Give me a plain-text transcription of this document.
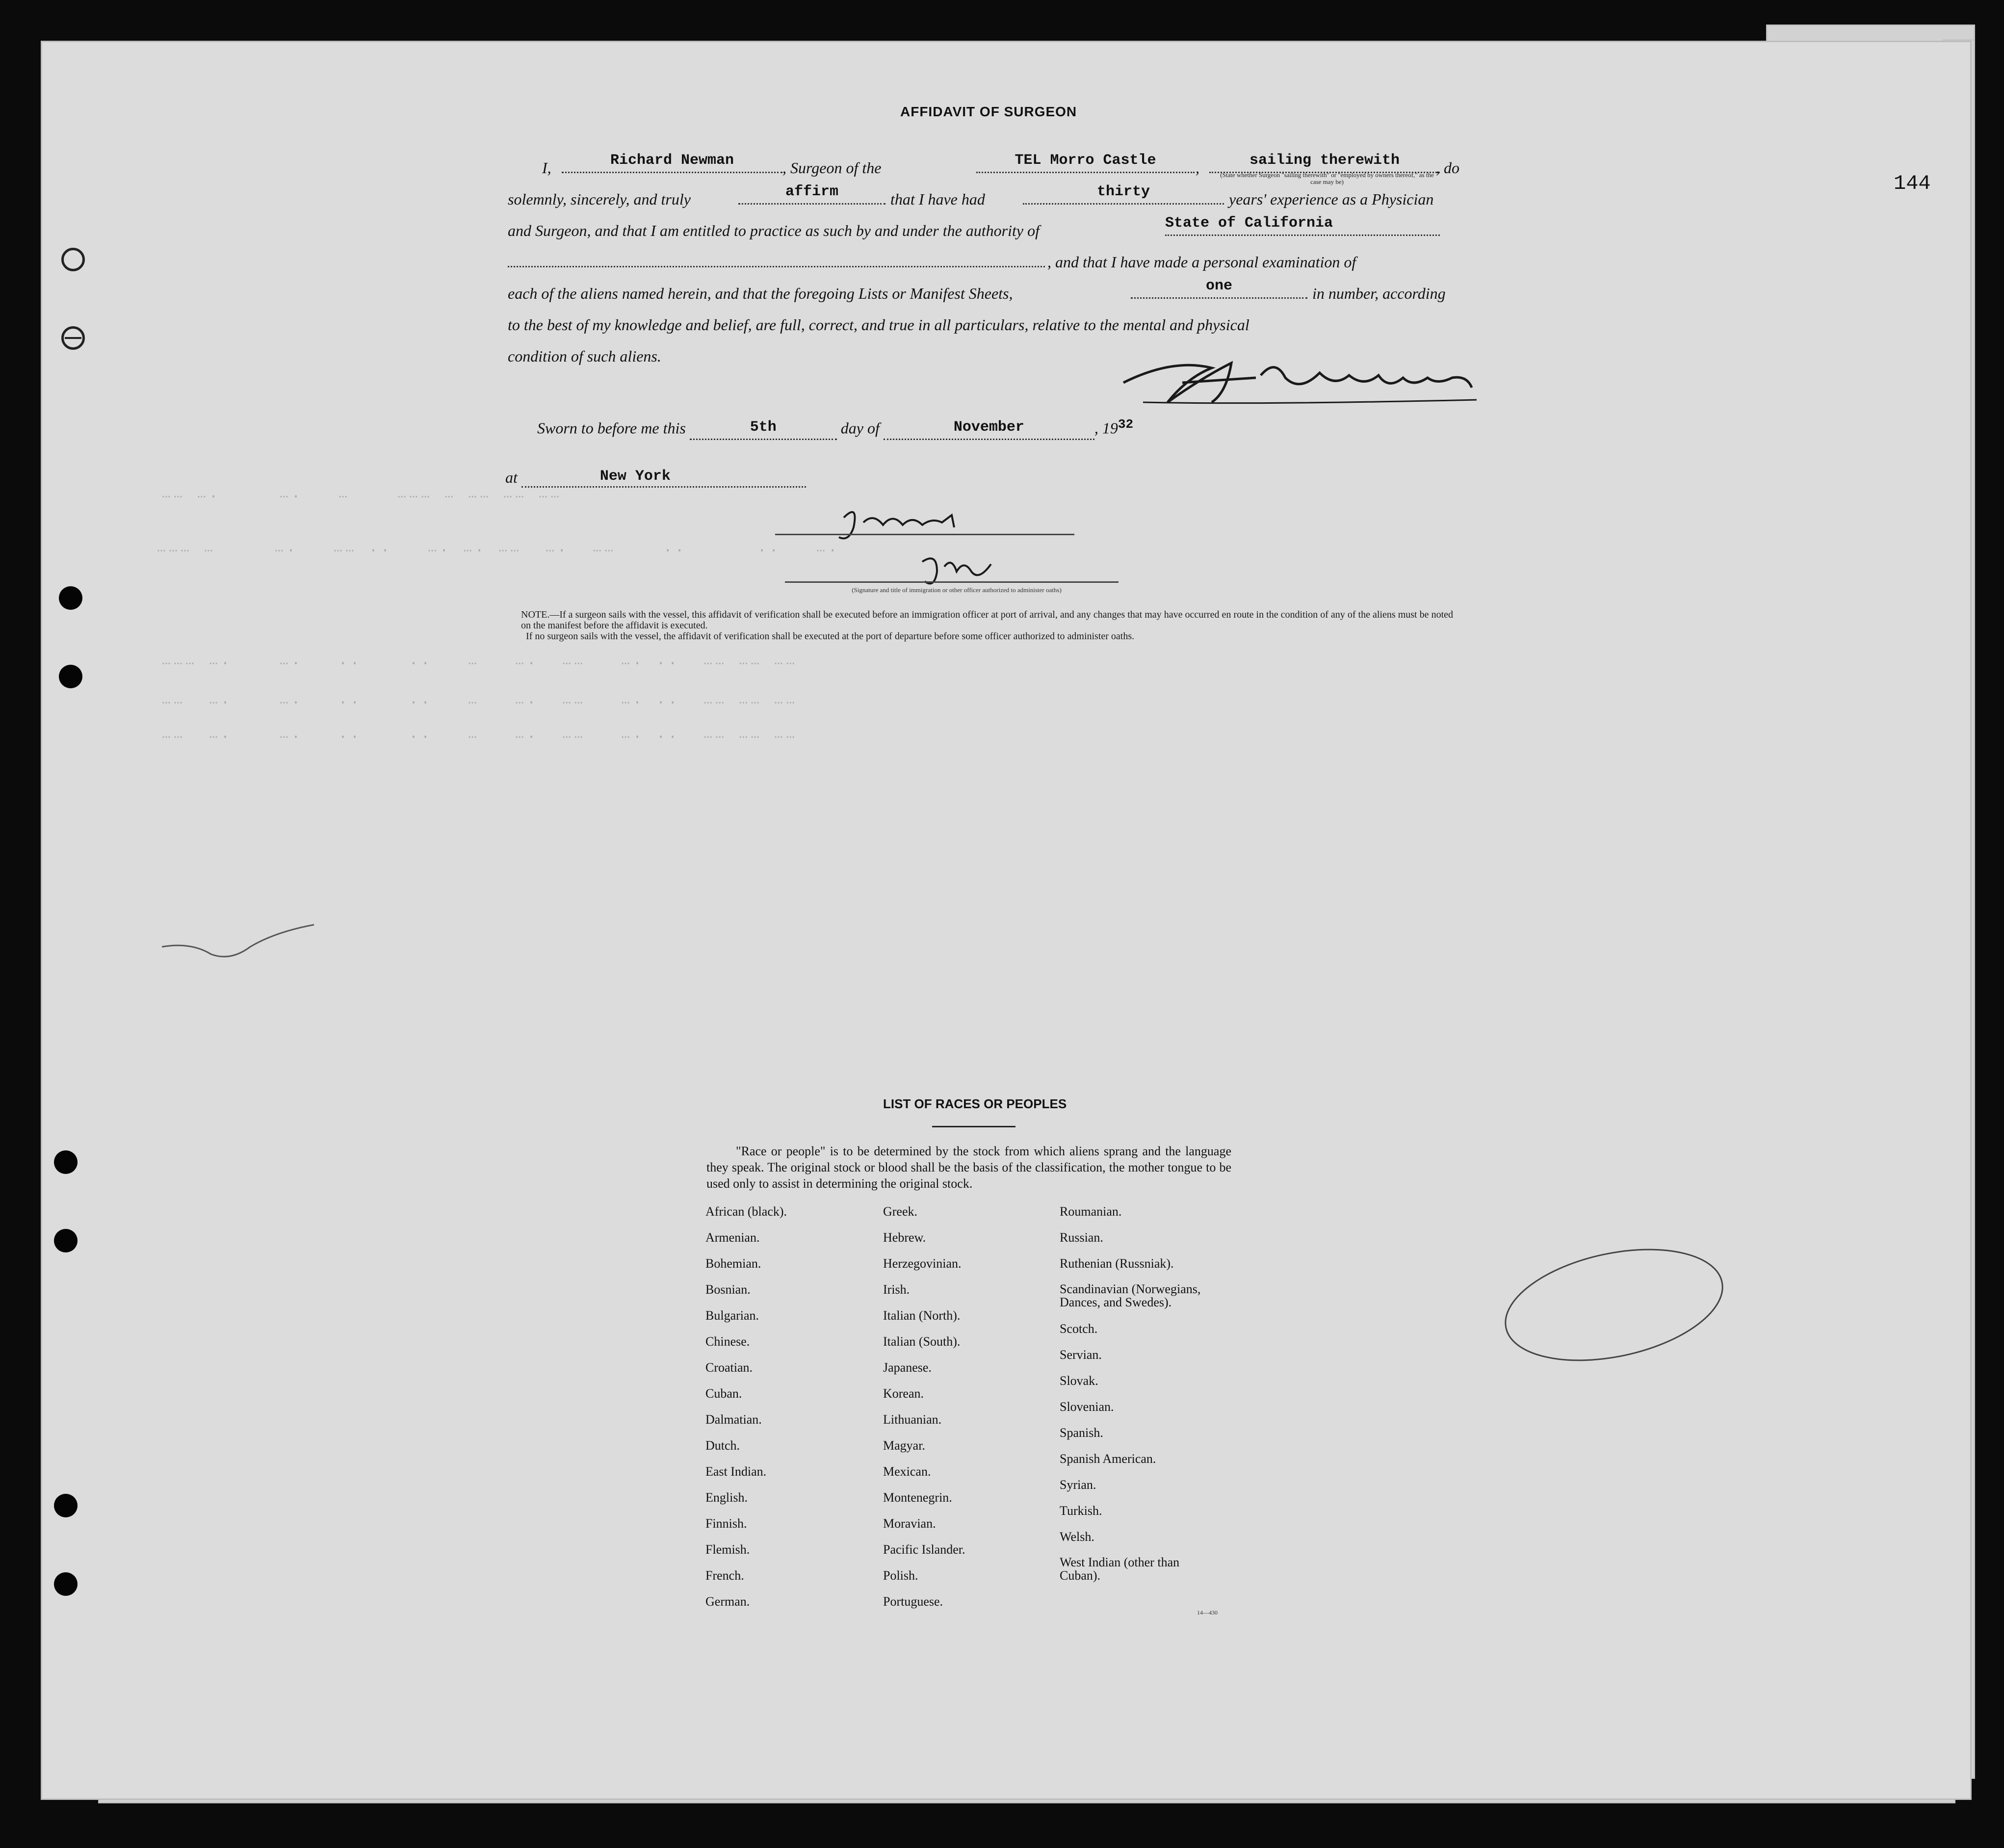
144
AFFIDAVIT OF SURGEON
I,	Richard Newman	, Surgeon of the	TEL Morro Castle	,	sailing therewith	, do
(State whether Surgeon "sailing therewith" or "employed by owners thereof," as the case may be)
solemnly, sincerely, and truly	affirm	that I have had	thirty	years' experience as a Physician
and Surgeon, and that I am entitled to practice as such by and under the authority of	State of California
, and that I have made a personal examination of
each of the aliens named herein, and that the foregoing Lists or Manifest Sheets,	one	in number, according
to the best of my knowledge and belief, are full, correct, and true in all particulars, relative to the mental and physical
condition of such aliens.
Sworn to before me this	5th	day of	November	, $19^{32}$
at	New York
…… ….     ….   …    ……… … …… …… ……
……… …     ….   …… ..   …. …. ……  ….  ……    ..      ..   ….
……… ….    ….   ..    ..   …   ….  ……   …. ..  …… …… ……
……  ….    ….   ..    ..   …   ….  ……   …. ..  …… …… ……
……  ….    ….   ..    ..   …   ….  ……   …. ..  …… …… ……
(Signature and title of immigration or other officer authorized to administer oaths)
NOTE.—If a surgeon sails with the vessel, this affidavit of verification shall be executed before an immigration officer at port of arrival, and any changes that may have occurred en route in the condition of any of the aliens must be noted on the manifest before the affidavit is executed.
If no surgeon sails with the vessel, the affidavit of verification shall be executed at the port of departure before some officer authorized to administer oaths.
LIST OF RACES OR PEOPLES
"Race or people" is to be determined by the stock from which aliens sprang and the language they speak. The original stock or blood shall be the basis of the classification, the mother tongue to be used only to assist in determining the original stock.
African (black).
Armenian.
Bohemian.
Bosnian.
Bulgarian.
Chinese.
Croatian.
Cuban.
Dalmatian.
Dutch.
East Indian.
English.
Finnish.
Flemish.
French.
German.
Greek.
Hebrew.
Herzegovinian.
Irish.
Italian (North).
Italian (South).
Japanese.
Korean.
Lithuanian.
Magyar.
Mexican.
Montenegrin.
Moravian.
Pacific Islander.
Polish.
Portuguese.
Roumanian.
Russian.
Ruthenian (Russniak).
Scandinavian (Norwegians, Dances, and Swedes).
Scotch.
Servian.
Slovak.
Slovenian.
Spanish.
Spanish American.
Syrian.
Turkish.
Welsh.
West Indian (other than Cuban).
14—430
